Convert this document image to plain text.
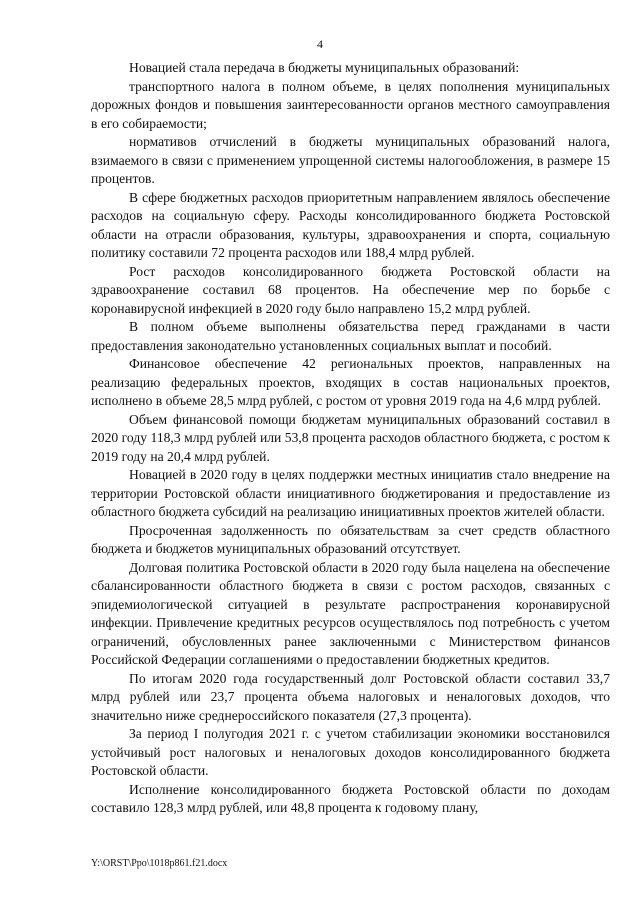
4

Новацией стала передача в бюджеты муниципальных образований:

транспортного налога в полном объеме, в целях пополнения муниципальных дорожных фондов и повышения заинтересованности органов местного самоуправления в его собираемости;

нормативов отчислений в бюджеты муниципальных образований налога, взимаемого в связи с применением упрощенной системы налогообложения, в размере 15 процентов.

В сфере бюджетных расходов приоритетным направлением являлось обеспечение расходов на социальную сферу. Расходы консолидированного бюджета Ростовской области на отрасли образования, культуры, здравоохранения и спорта, социальную политику составили 72 процента расходов или 188,4 млрд рублей.

Рост расходов консолидированного бюджета Ростовской области на здравоохранение составил 68 процентов. На обеспечение мер по борьбе с коронавирусной инфекцией в 2020 году было направлено 15,2 млрд рублей.

В полном объеме выполнены обязательства перед гражданами в части предоставления законодательно установленных социальных выплат и пособий.

Финансовое обеспечение 42 региональных проектов, направленных на реализацию федеральных проектов, входящих в состав национальных проектов, исполнено в объеме 28,5 млрд рублей, с ростом от уровня 2019 года на 4,6 млрд рублей.

Объем финансовой помощи бюджетам муниципальных образований составил в 2020 году 118,3 млрд рублей или 53,8 процента расходов областного бюджета, с ростом к 2019 году на 20,4 млрд рублей.

Новацией в 2020 году в целях поддержки местных инициатив стало внедрение на территории Ростовской области инициативного бюджетирования и предоставление из областного бюджета субсидий на реализацию инициативных проектов жителей области.

Просроченная задолженность по обязательствам за счет средств областного бюджета и бюджетов муниципальных образований отсутствует.

Долговая политика Ростовской области в 2020 году была нацелена на обеспечение сбалансированности областного бюджета в связи с ростом расходов, связанных с эпидемиологической ситуацией в результате распространения коронавирусной инфекции. Привлечение кредитных ресурсов осуществлялось под потребность с учетом ограничений, обусловленных ранее заключенными с Министерством финансов Российской Федерации соглашениями о предоставлении бюджетных кредитов.

По итогам 2020 года государственный долг Ростовской области составил 33,7 млрд рублей или 23,7 процента объема налоговых и неналоговых доходов, что значительно ниже среднероссийского показателя (27,3 процента).

За период I полугодия 2021 г. с учетом стабилизации экономики восстановился устойчивый рост налоговых и неналоговых доходов консолидированного бюджета Ростовской области.

Исполнение консолидированного бюджета Ростовской области по доходам составило 128,3 млрд рублей, или 48,8 процента к годовому плану,

Y:\ORST\Ppo\1018p861.f21.docx
